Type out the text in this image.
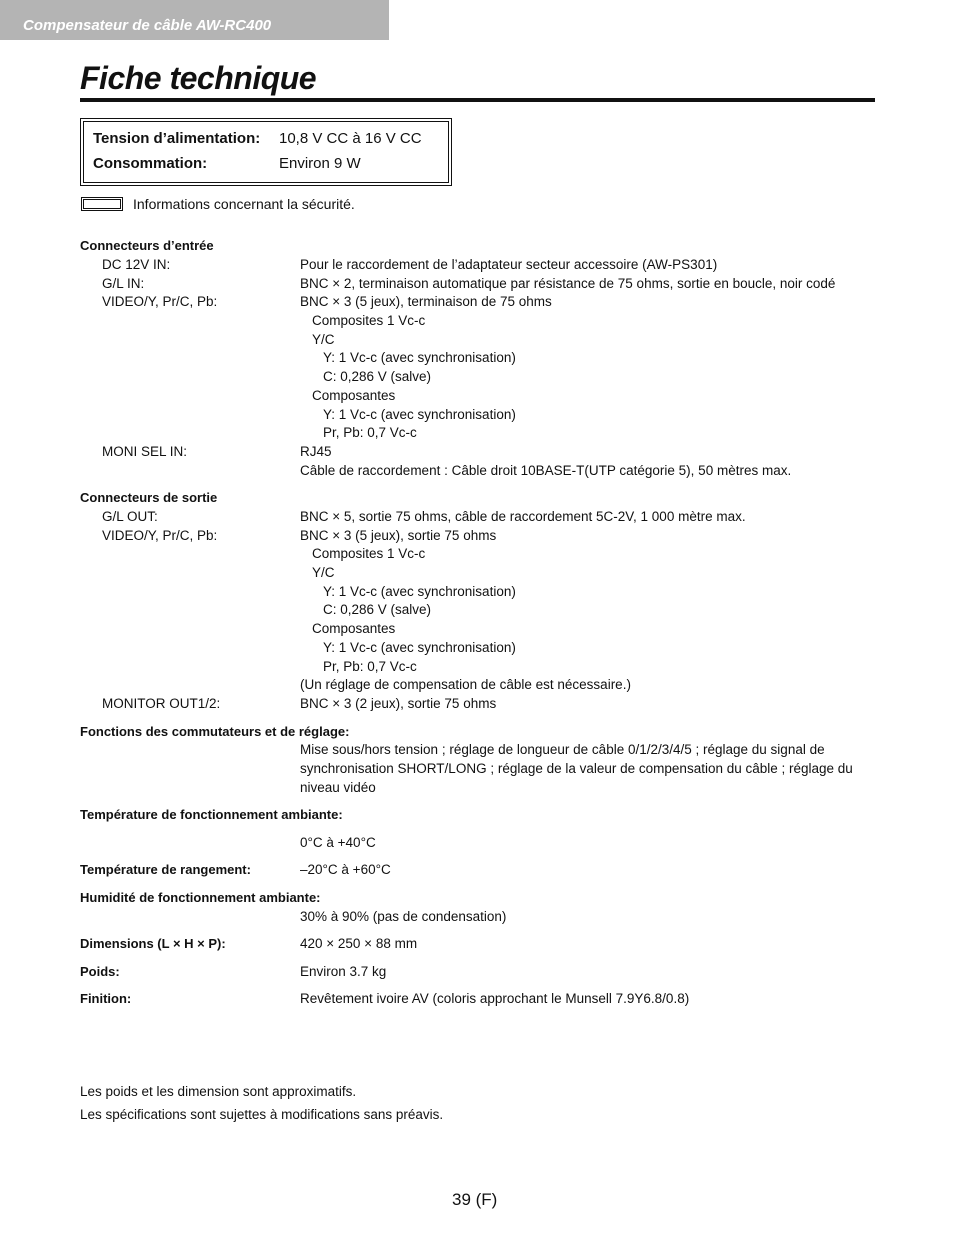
Compensateur de câble AW-RC400
Fiche technique
Tension d’alimentation: 10,8 V CC à 16 V CC
Consommation:	Environ 9 W
Informations concernant la sécurité.
Connecteurs d’entrée
DC 12V IN:	Pour le raccordement de l’adaptateur secteur accessoire (AW-PS301)
G/L IN:	BNC × 2, terminaison automatique par résistance de 75 ohms, sortie en boucle, noir codé
VIDEO/Y, Pr/C, Pb:	BNC × 3 (5 jeux), terminaison de 75 ohms
Composites 1 Vc-c
Y/C
Y: 1 Vc-c (avec synchronisation)
C: 0,286 V (salve)
Composantes
Y: 1 Vc-c (avec synchronisation)
Pr, Pb: 0,7 Vc-c
MONI SEL IN:	RJ45
Câble de raccordement : Câble droit 10BASE-T(UTP catégorie 5), 50 mètres max.
Connecteurs de sortie
G/L OUT:	BNC × 5, sortie 75 ohms, câble de raccordement 5C-2V, 1 000 mètre max.
VIDEO/Y, Pr/C, Pb:	BNC × 3 (5 jeux), sortie 75 ohms
Composites 1 Vc-c
Y/C
Y: 1 Vc-c (avec synchronisation)
C: 0,286 V (salve)
Composantes
Y: 1 Vc-c (avec synchronisation)
Pr, Pb: 0,7 Vc-c
(Un réglage de compensation de câble est nécessaire.)
MONITOR OUT1/2:	BNC × 3 (2 jeux), sortie 75 ohms
Fonctions des commutateurs et de réglage:
Mise sous/hors tension ; réglage de longueur de câble 0/1/2/3/4/5 ; réglage du signal de
synchronisation SHORT/LONG ; réglage de la valeur de compensation du câble ; réglage du
niveau vidéo
Température de fonctionnement ambiante:
0°C à +40°C
Température de rangement:	–20°C à +60°C
Humidité de fonctionnement ambiante:
30% à 90% (pas de condensation)
Dimensions (L × H × P):	420 × 250 × 88 mm
Poids:	Environ 3.7 kg
Finition:	Revêtement ivoire AV (coloris approchant le Munsell 7.9Y6.8/0.8)
Les poids et les dimension sont approximatifs.
Les spécifications sont sujettes à modifications sans préavis.
39 (F)
